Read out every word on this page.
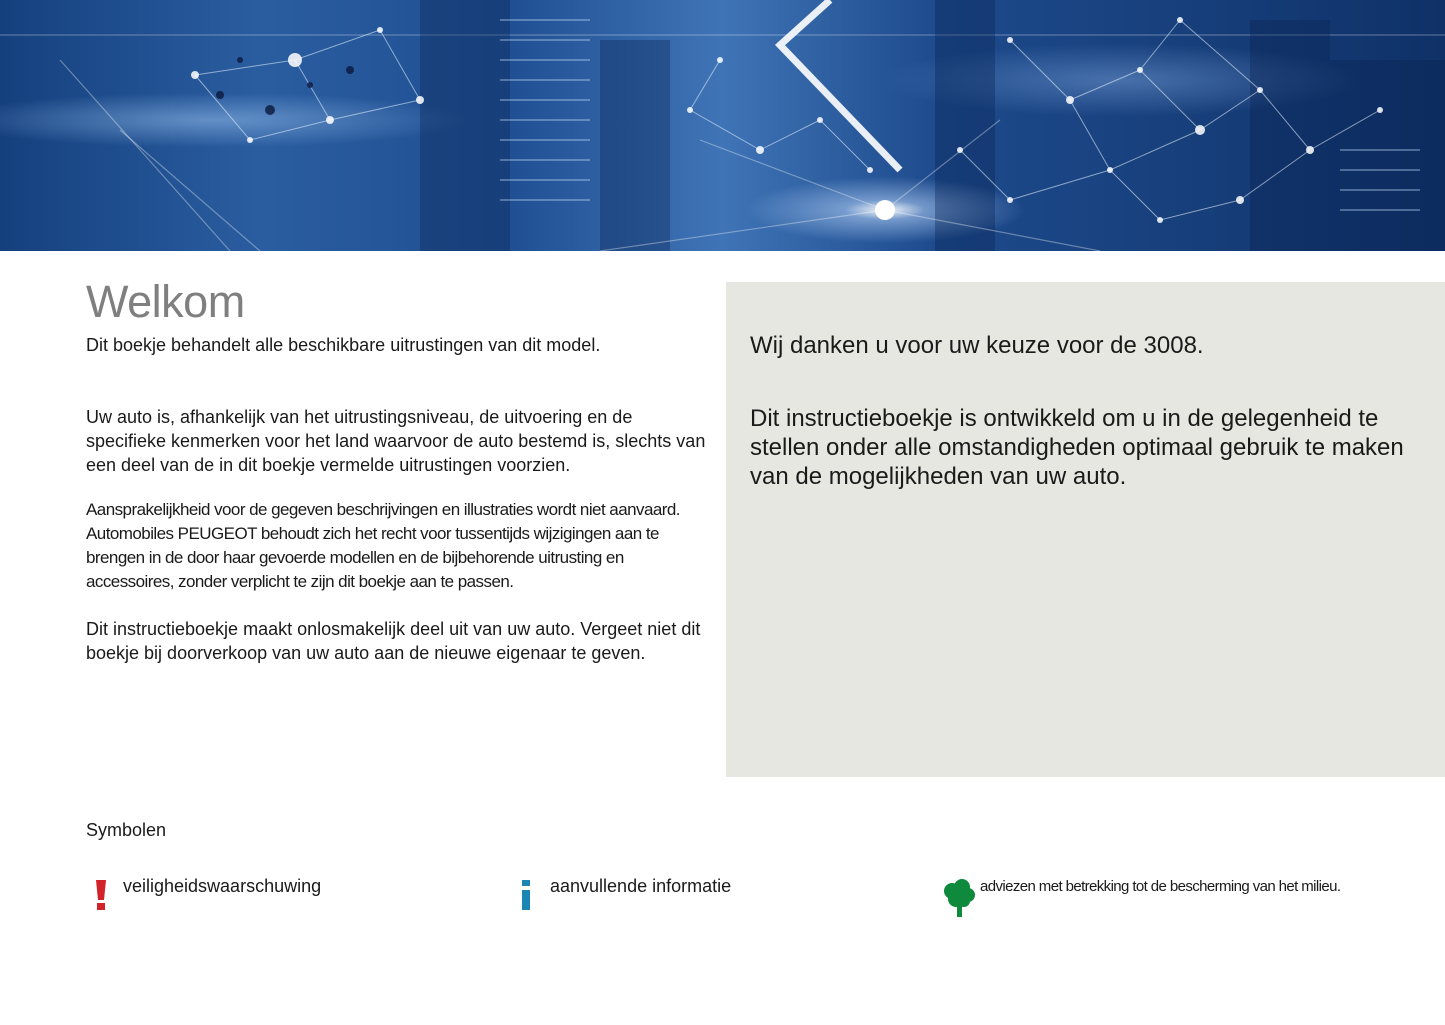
Welkom

Dit boekje behandelt alle beschikbare uitrustingen van dit model.

Uw auto is, afhankelijk van het uitrustingsniveau, de uitvoering en de specifieke kenmerken voor het land waarvoor de auto bestemd is, slechts van een deel van de in dit boekje vermelde uitrustingen voorzien.

Aansprakelijkheid voor de gegeven beschrijvingen en illustraties wordt niet aanvaard. Automobiles PEUGEOT behoudt zich het recht voor tussentijds wijzigingen aan te brengen in de door haar gevoerde modellen en de bijbehorende uitrusting en accessoires, zonder verplicht te zijn dit boekje aan te passen.

Dit instructieboekje maakt onlosmakelijk deel uit van uw auto. Vergeet niet dit boekje bij doorverkoop van uw auto aan de nieuwe eigenaar te geven.

Wij danken u voor uw keuze voor de 3008.

Dit instructieboekje is ontwikkeld om u in de gelegenheid te stellen onder alle omstandigheden optimaal gebruik te maken van de mogelijkheden van uw auto.

Symbolen

veiligheidswaarschuwing	aanvullende informatie	adviezen met betrekking tot de bescherming van het milieu.
